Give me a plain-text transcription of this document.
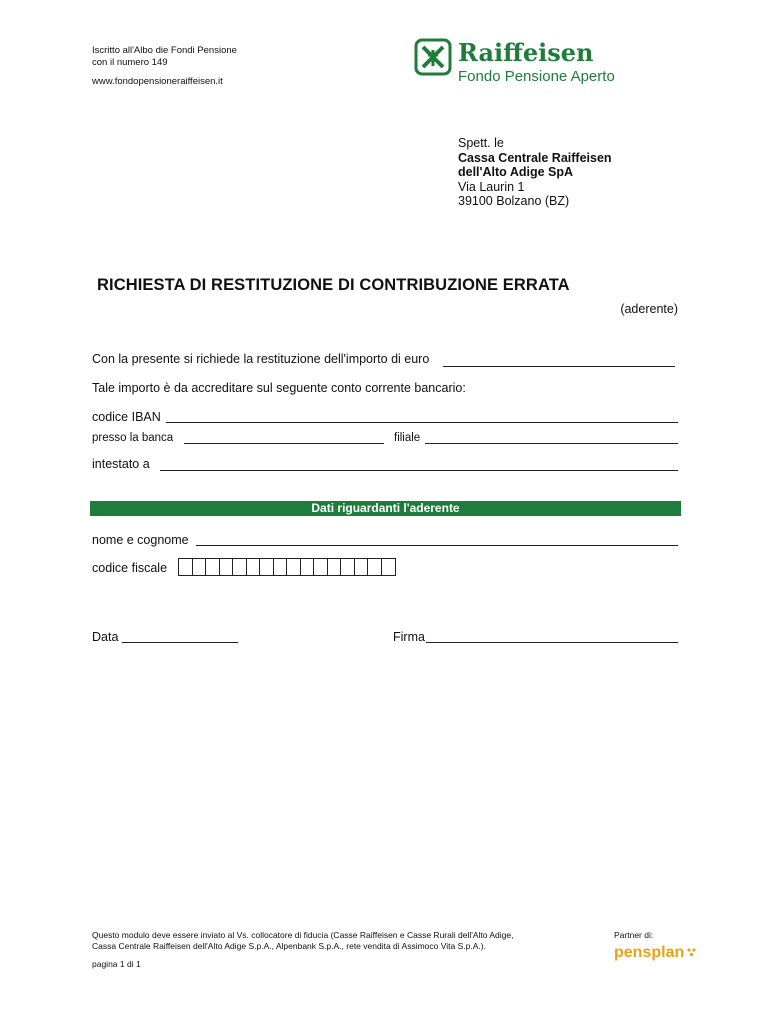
Iscritto all'Albo die Fondi Pensione
con il numero 149
www.fondopensioneraiffeisen.it
Raiffeisen
Fondo Pensione Aperto
Spett. le
Cassa Centrale Raiffeisen
dell'Alto Adige SpA
Via Laurin 1
39100 Bolzano (BZ)
RICHIESTA DI RESTITUZIONE DI CONTRIBUZIONE ERRATA
(aderente)
Con la presente si richiede la restituzione dell'importo di euro
Tale importo è da accreditare sul seguente conto corrente bancario:
codice IBAN
presso la banca	filiale
intestato a
Dati riguardanti l'aderente
nome e cognome
codice fiscale
Data	Firma
Questo modulo deve essere inviato al Vs. collocatore di fiducia (Casse Raiffeisen e Casse Rurali dell'Alto Adige,
Cassa Centrale Raiffeisen dell'Alto Adige S.p.A., Alpenbank S.p.A., rete vendita di Assimoco Vita S.p.A.).
pagina 1 di 1
Partner di:
pensplan
